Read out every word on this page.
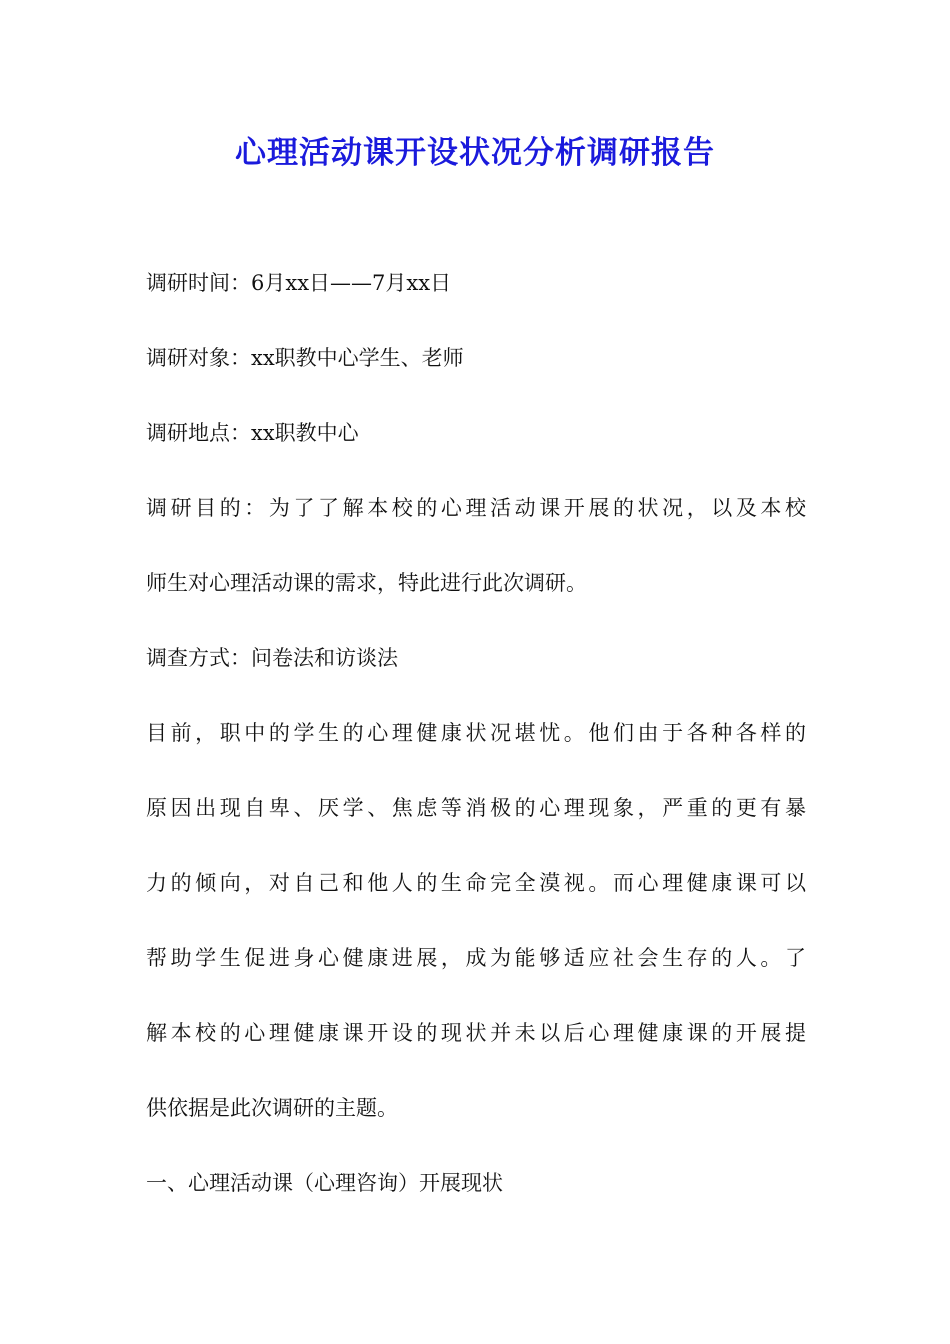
心理活动课开设状况分析调研报告
调研时间：6月xx日——7月xx日
调研对象：xx职教中心学生、老师
调研地点：xx职教中心
调研目的：为了了解本校的心理活动课开展的状况，以及本校
师生对心理活动课的需求，特此进行此次调研。
调查方式：问卷法和访谈法
目前，职中的学生的心理健康状况堪忧。他们由于各种各样的
原因出现自卑、厌学、焦虑等消极的心理现象，严重的更有暴
力的倾向，对自己和他人的生命完全漠视。而心理健康课可以
帮助学生促进身心健康进展，成为能够适应社会生存的人。了
解本校的心理健康课开设的现状并未以后心理健康课的开展提
供依据是此次调研的主题。
一、心理活动课（心理咨询）开展现状
